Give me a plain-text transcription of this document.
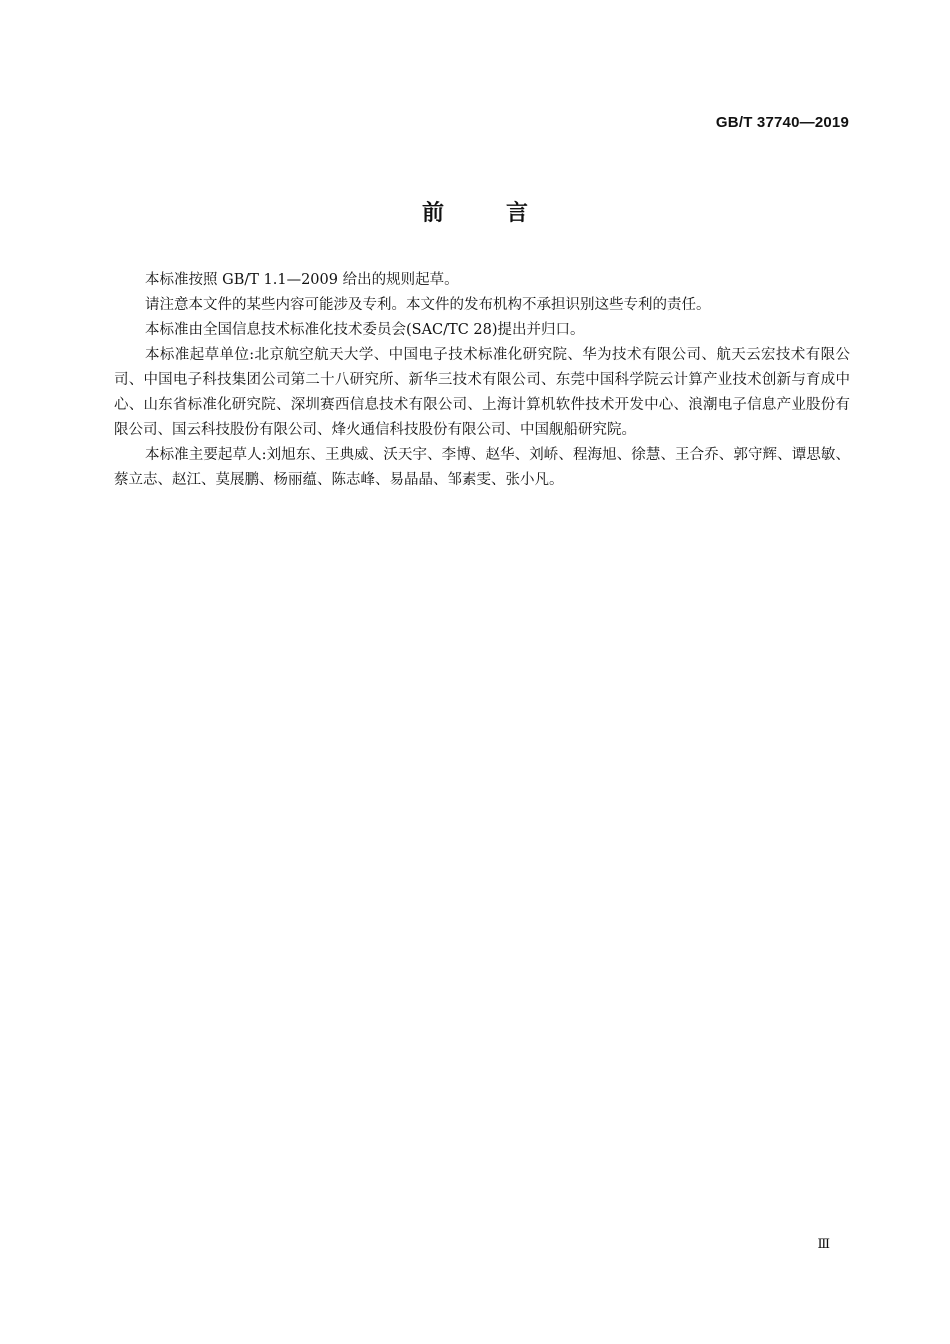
GB/T 37740—2019
前言

本标准按照 GB/T 1.1—2009 给出的规则起草。

请注意本文件的某些内容可能涉及专利。本文件的发布机构不承担识别这些专利的责任。

本标准由全国信息技术标准化技术委员会(SAC/TC 28)提出并归口。

本标准起草单位:北京航空航天大学、中国电子技术标准化研究院、华为技术有限公司、航天云宏技术有限公司、中国电子科技集团公司第二十八研究所、新华三技术有限公司、东莞中国科学院云计算产业技术创新与育成中心、山东省标准化研究院、深圳赛西信息技术有限公司、上海计算机软件技术开发中心、浪潮电子信息产业股份有限公司、国云科技股份有限公司、烽火通信科技股份有限公司、中国舰船研究院。

本标准主要起草人:刘旭东、王典威、沃天宇、李博、赵华、刘峤、程海旭、徐慧、王合乔、郭守辉、谭思敏、蔡立志、赵江、莫展鹏、杨丽蕴、陈志峰、易晶晶、邹素雯、张小凡。

Ⅲ
